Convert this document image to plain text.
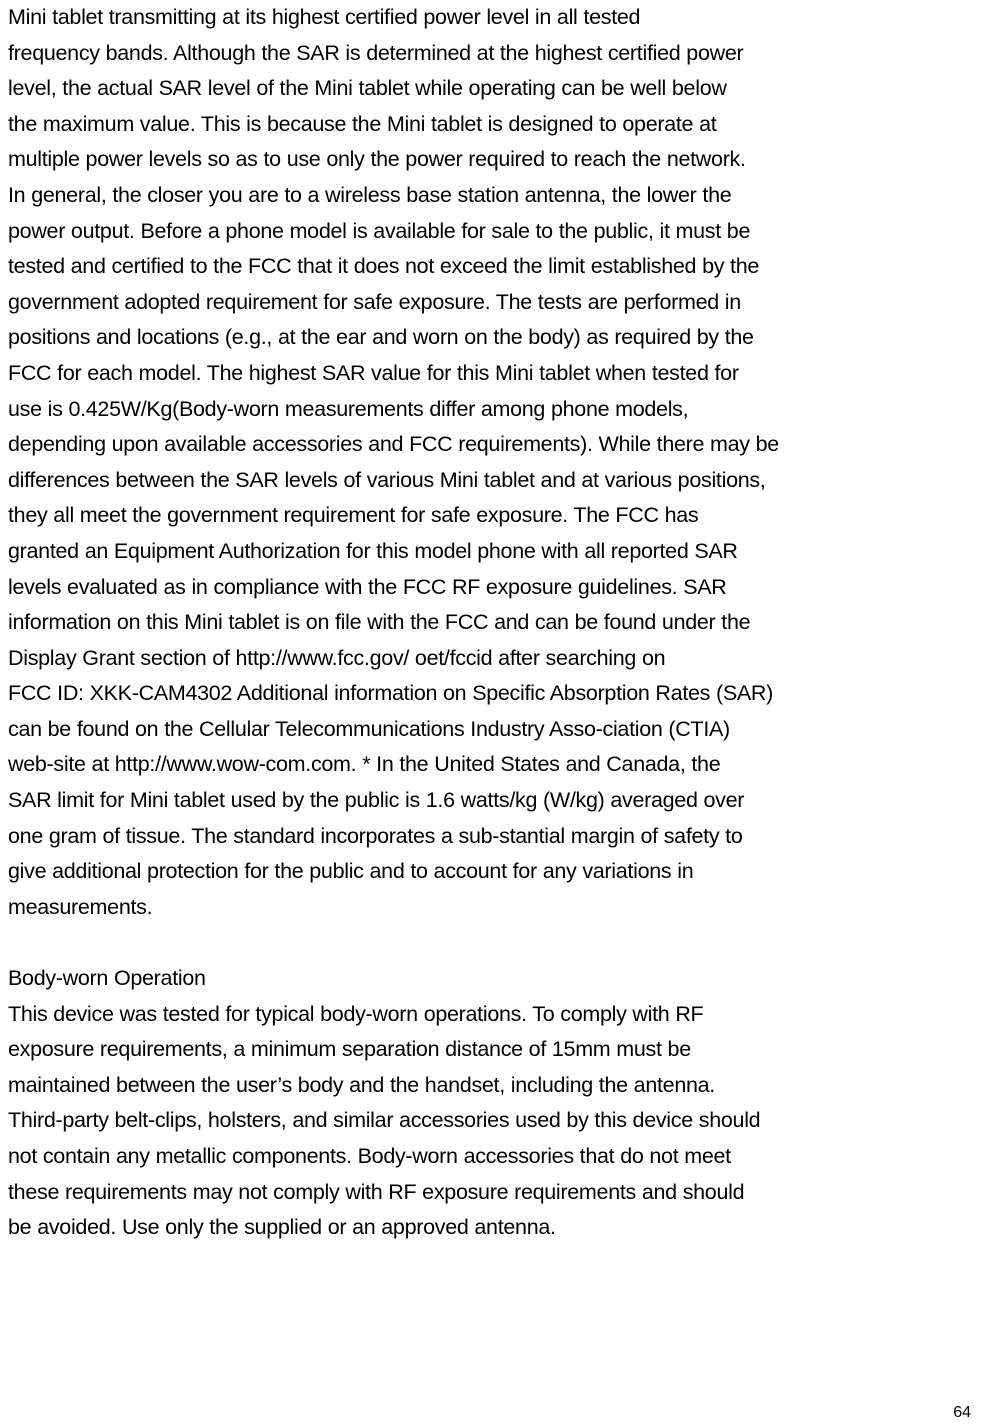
Mini tablet transmitting at its highest certified power level in all tested
frequency bands. Although the SAR is determined at the highest certified power
level, the actual SAR level of the Mini tablet while operating can be well below
the maximum value. This is because the Mini tablet is designed to operate at
multiple power levels so as to use only the power required to reach the network.
In general, the closer you are to a wireless base station antenna, the lower the
power output. Before a phone model is available for sale to the public, it must be
tested and certified to the FCC that it does not exceed the limit established by the
government adopted requirement for safe exposure. The tests are performed in
positions and locations (e.g., at the ear and worn on the body) as required by the
FCC for each model. The highest SAR value for this Mini tablet when tested for
use is 0.425W/Kg(Body-worn measurements differ among phone models,
depending upon available accessories and FCC requirements). While there may be
differences between the SAR levels of various Mini tablet and at various positions,
they all meet the government requirement for safe exposure. The FCC has
granted an Equipment Authorization for this model phone with all reported SAR
levels evaluated as in compliance with the FCC RF exposure guidelines. SAR
information on this Mini tablet is on file with the FCC and can be found under the
Display Grant section of http://www.fcc.gov/ oet/fccid after searching on
FCC ID: XKK-CAM4302 Additional information on Specific Absorption Rates (SAR)
can be found on the Cellular Telecommunications Industry Asso-ciation (CTIA)
web-site at http://www.wow-com.com. * In the United States and Canada, the
SAR limit for Mini tablet used by the public is 1.6 watts/kg (W/kg) averaged over
one gram of tissue. The standard incorporates a sub-stantial margin of safety to
give additional protection for the public and to account for any variations in
measurements.
Body-worn Operation
This device was tested for typical body-worn operations. To comply with RF
exposure requirements, a minimum separation distance of 15mm must be
maintained between the user’s body and the handset, including the antenna.
Third-party belt-clips, holsters, and similar accessories used by this device should
not contain any metallic components. Body-worn accessories that do not meet
these requirements may not comply with RF exposure requirements and should
be avoided. Use only the supplied or an approved antenna.
64
